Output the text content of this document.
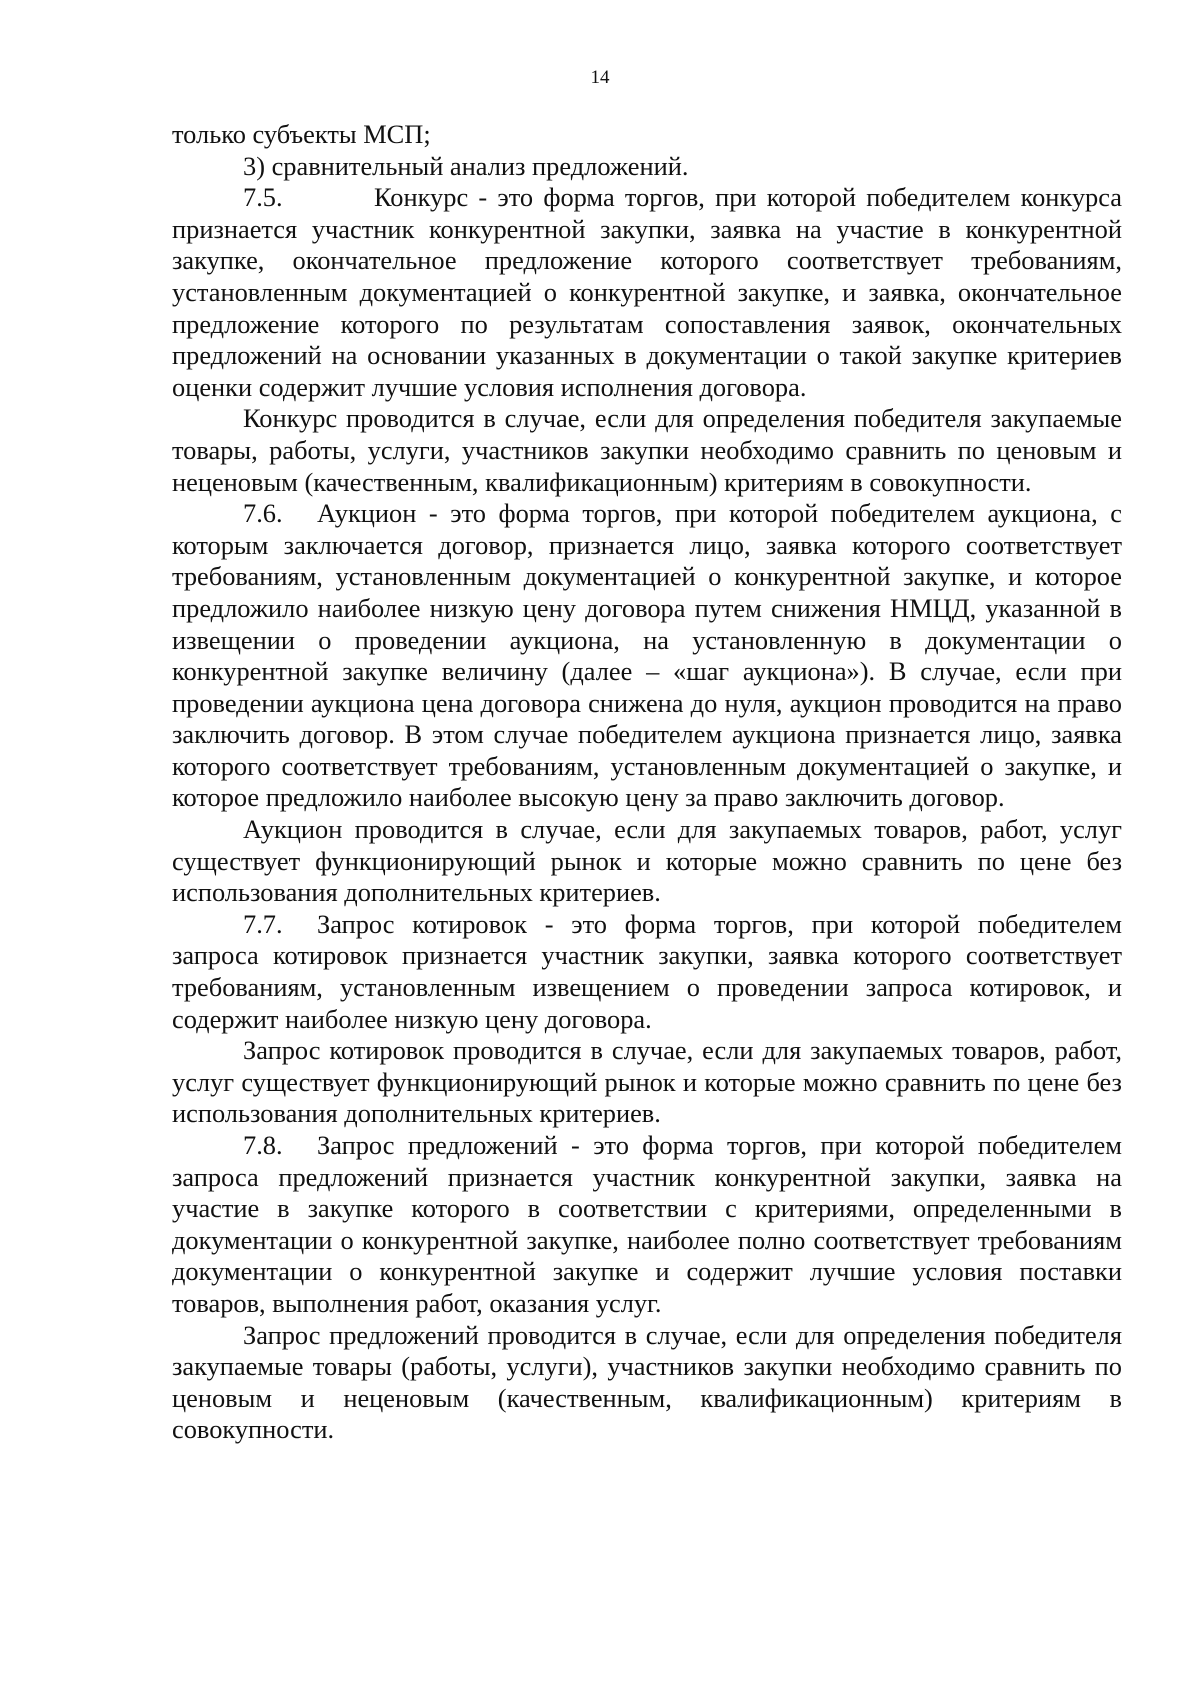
14

только субъекты МСП;

3) сравнительный анализ предложений.

7.5.	Конкурс - это форма торгов, при которой победителем конкурса признается участник конкурентной закупки, заявка на участие в конкурентной закупке, окончательное предложение которого соответствует требованиям, установленным документацией о конкурентной закупке, и заявка, окончательное предложение которого по результатам сопоставления заявок, окончательных предложений на основании указанных в документации о такой закупке критериев оценки содержит лучшие условия исполнения договора.

Конкурс проводится в случае, если для определения победителя закупаемые товары, работы, услуги, участников закупки необходимо сравнить по ценовым и неценовым (качественным, квалификационным) критериям в совокупности.

7.6. Аукцион - это форма торгов, при которой победителем аукциона, с которым заключается договор, признается лицо, заявка которого соответствует требованиям, установленным документацией о конкурентной закупке, и которое предложило наиболее низкую цену договора путем снижения НМЦД, указанной в извещении о проведении аукциона, на установленную в документации о конкурентной закупке величину (далее – «шаг аукциона»). В случае, если при проведении аукциона цена договора снижена до нуля, аукцион проводится на право заключить договор. В этом случае победителем аукциона признается лицо, заявка которого соответствует требованиям, установленным документацией о закупке, и которое предложило наиболее высокую цену за право заключить договор.

Аукцион проводится в случае, если для закупаемых товаров, работ, услуг существует функционирующий рынок и которые можно сравнить по цене без использования дополнительных критериев.

7.7. Запрос котировок - это форма торгов, при которой победителем запроса котировок признается участник закупки, заявка которого соответствует требованиям, установленным извещением о проведении запроса котировок, и содержит наиболее низкую цену договора.

Запрос котировок проводится в случае, если для закупаемых товаров, работ, услуг существует функционирующий рынок и которые можно сравнить по цене без использования дополнительных критериев.

7.8. Запрос предложений - это форма торгов, при которой победителем запроса предложений признается участник конкурентной закупки, заявка на участие в закупке которого в соответствии с критериями, определенными в документации о конкурентной закупке, наиболее полно соответствует требованиям документации о конкурентной закупке и содержит лучшие условия поставки товаров, выполнения работ, оказания услуг.

Запрос предложений проводится в случае, если для определения победителя закупаемые товары (работы, услуги), участников закупки необходимо сравнить по ценовым и неценовым (качественным, квалификационным) критериям в совокупности.
